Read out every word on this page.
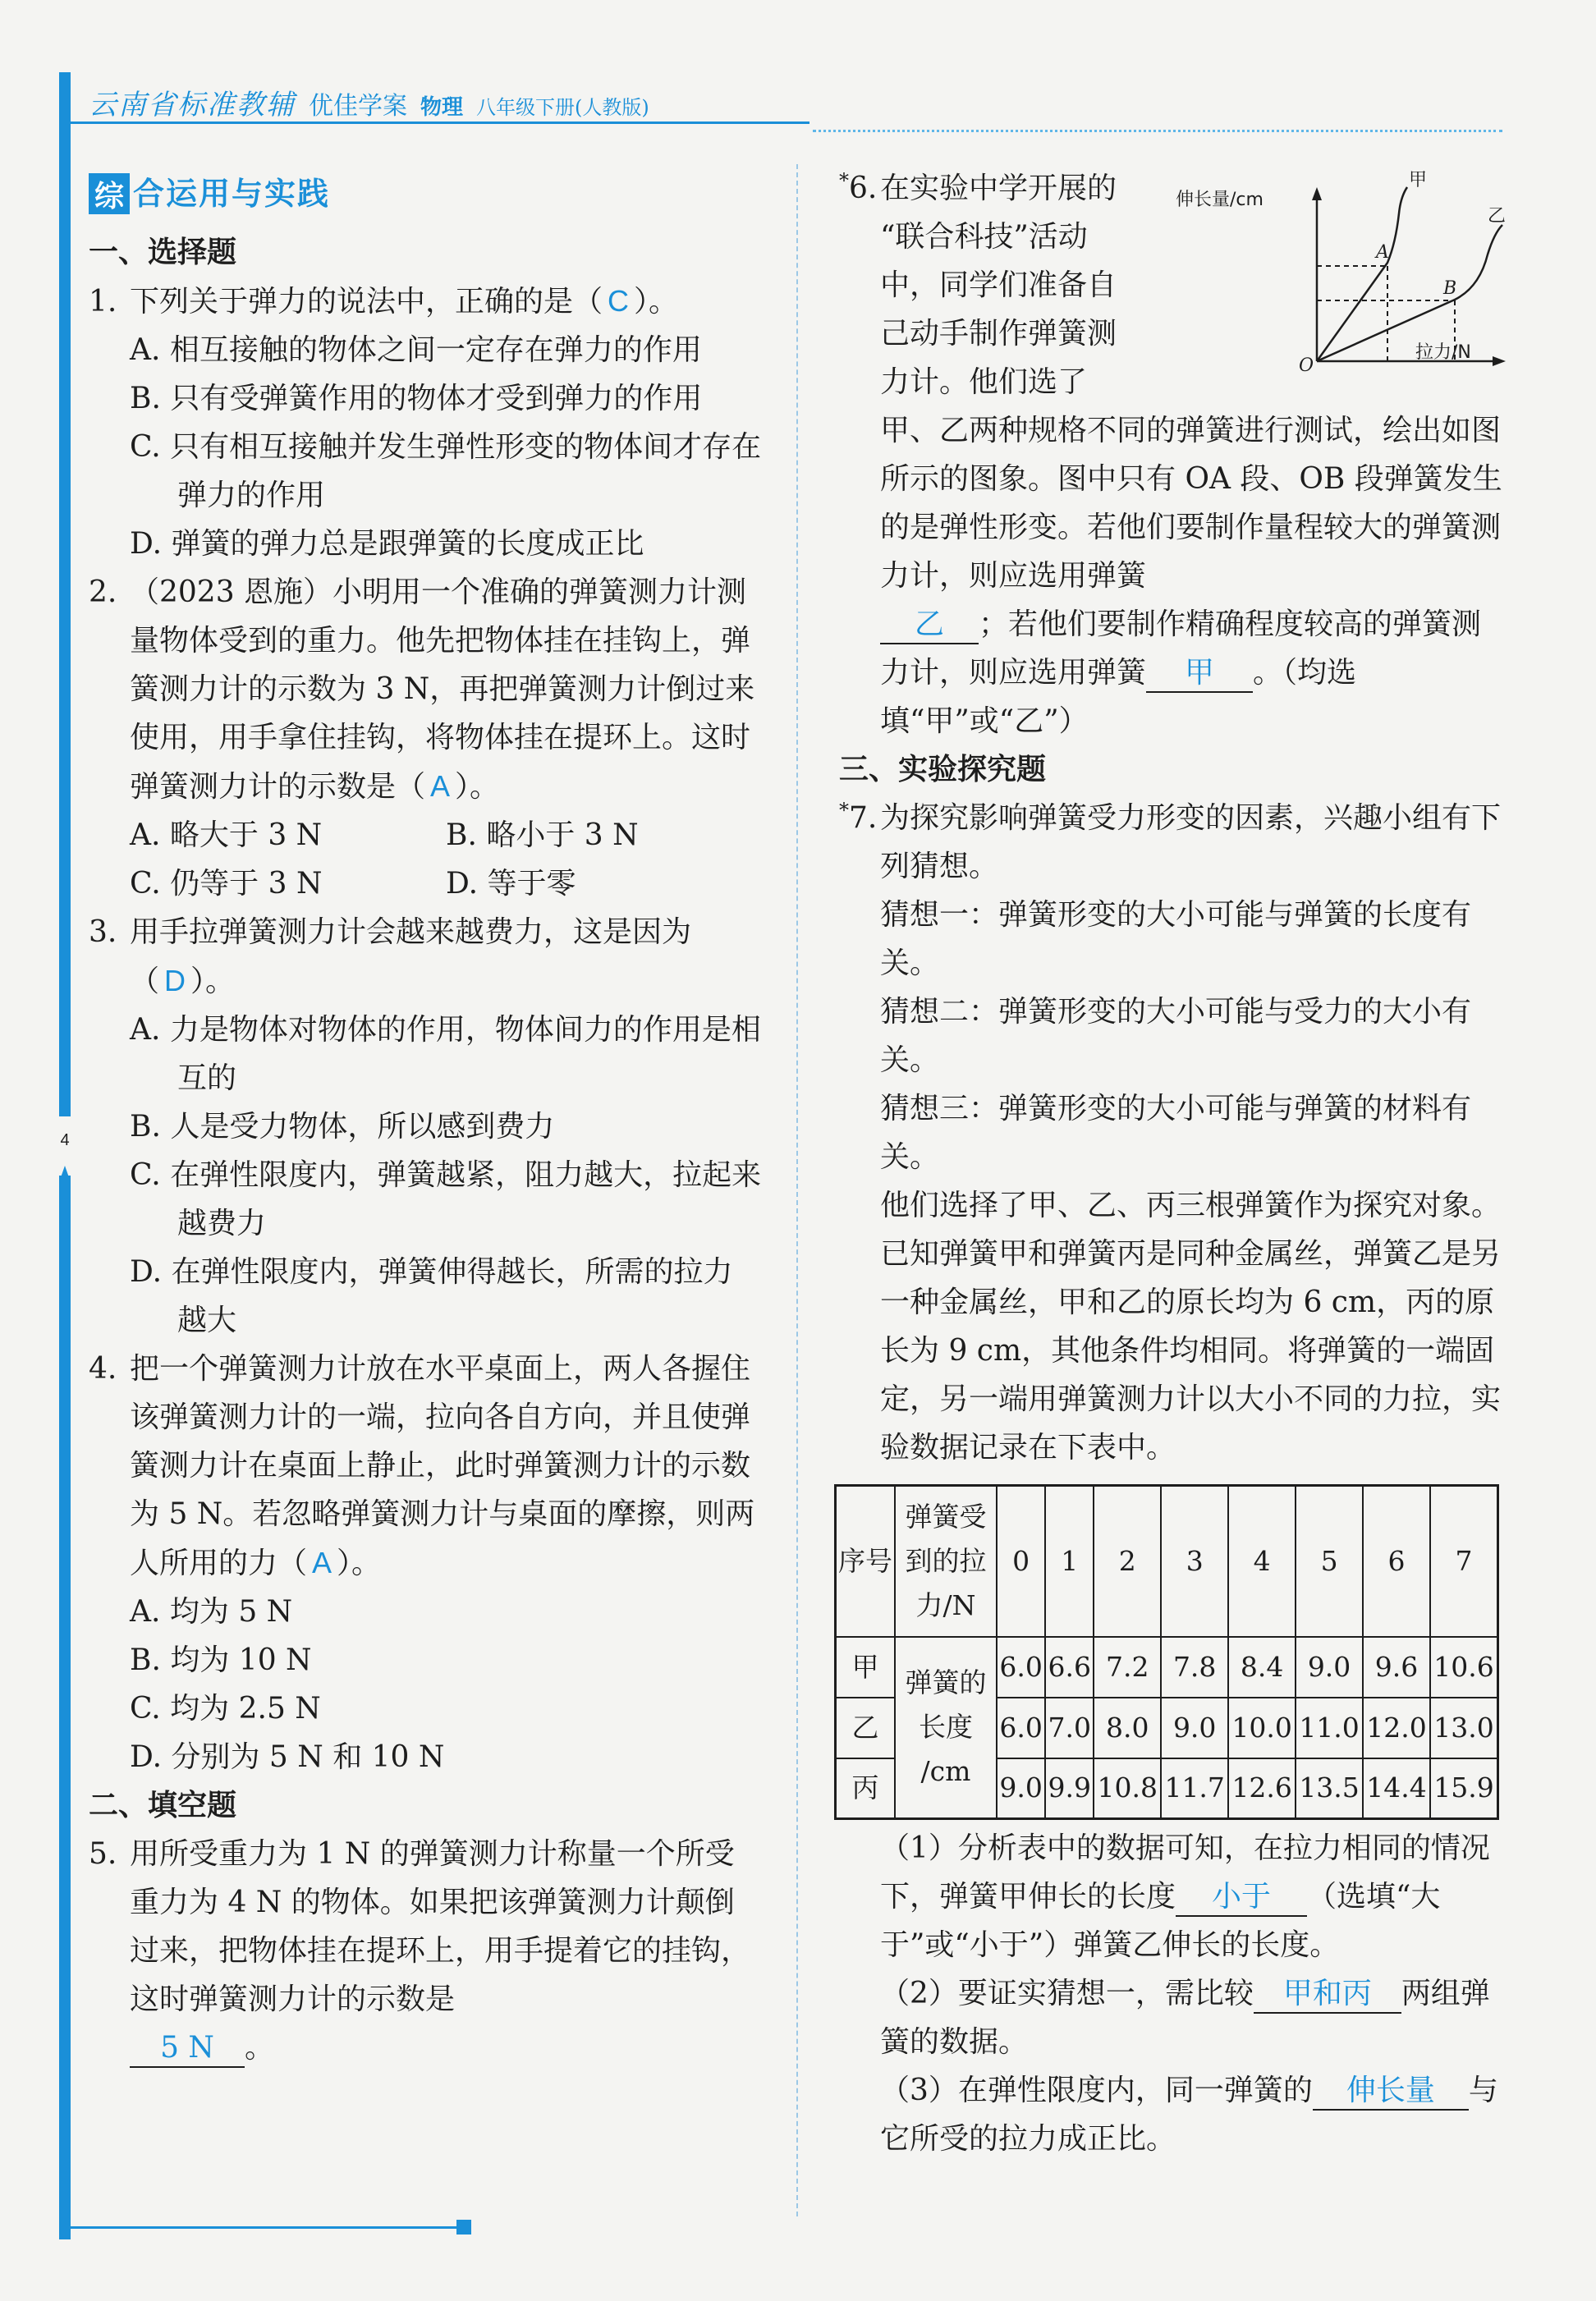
4
云南省标准教辅 优佳学案 物理 八年级下册(人教版)
综 合运用与实践
一、选择题
1. 下列关于弹力的说法中，正确的是（ C ）。
A. 相互接触的物体之间一定存在弹力的作用
B. 只有受弹簧作用的物体才受到弹力的作用
C. 只有相互接触并发生弹性形变的物体间才存在弹力的作用
D. 弹簧的弹力总是跟弹簧的长度成正比
2. （2023 恩施）小明用一个准确的弹簧测力计测量物体受到的重力。他先把物体挂在挂钩上，弹簧测力计的示数为 3 N，再把弹簧测力计倒过来使用，用手拿住挂钩，将物体挂在提环上。这时弹簧测力计的示数是（ A ）。
A. 略大于 3 N	B. 略小于 3 N
C. 仍等于 3 N	D. 等于零
3. 用手拉弹簧测力计会越来越费力，这是因为（ D ）。
A. 力是物体对物体的作用，物体间力的作用是相互的
B. 人是受力物体，所以感到费力
C. 在弹性限度内，弹簧越紧，阻力越大，拉起来越费力
D. 在弹性限度内，弹簧伸得越长，所需的拉力越大
4. 把一个弹簧测力计放在水平桌面上，两人各握住该弹簧测力计的一端，拉向各自方向，并且使弹簧测力计在桌面上静止，此时弹簧测力计的示数为 5 N。若忽略弹簧测力计与桌面的摩擦，则两人所用的力（ A ）。
A. 均为 5 N
B. 均为 10 N
C. 均为 2.5 N
D. 分别为 5 N 和 10 N
二、填空题
5. 用所受重力为 1 N 的弹簧测力计称量一个所受重力为 4 N 的物体。如果把该弹簧测力计颠倒过来，把物体挂在提环上，用手提着它的挂钩，这时弹簧测力计的示数是
5 N 。
*6. 在实验中学开展的
“联合科技”活动
中，同学们准备自
己动手制作弹簧测
力计。他们选了
甲、乙两种规格不同的弹簧进行测试，绘出如图所示的图象。图中只有 OA 段、OB 段弹簧发生的是弹性形变。若他们要制作量程较大的弹簧测力计，则应选用弹簧
乙 ；若他们要制作精确程度较高的弹簧测力计，则应选用弹簧 甲 。（均选填“甲”或“乙”）
伸长量/cm
拉力/N
O
甲
乙
A
B
三、实验探究题
*7. 为探究影响弹簧受力形变的因素，兴趣小组有下列猜想。
猜想一：弹簧形变的大小可能与弹簧的长度有关。
猜想二：弹簧形变的大小可能与受力的大小有关。
猜想三：弹簧形变的大小可能与弹簧的材料有关。
他们选择了甲、乙、丙三根弹簧作为探究对象。已知弹簧甲和弹簧丙是同种金属丝，弹簧乙是另一种金属丝，甲和乙的原长均为 6 cm，丙的原长为 9 cm，其他条件均相同。将弹簧的一端固定，另一端用弹簧测力计以大小不同的力拉，实验数据记录在下表中。
序号	弹簧受
到的拉
力/N	0	1	2	3	4	5	6	7
甲	弹簧的
长度
/cm	6.0	6.6	7.2	7.8	8.4	9.0	9.6	10.6
乙		6.0	7.0	8.0	9.0	10.0	11.0	12.0	13.0
丙		9.0	9.9	10.8	11.7	12.6	13.5	14.4	15.9
（1）分析表中的数据可知，在拉力相同的情况下，弹簧甲伸长的长度 小于 （选填“大于”或“小于”）弹簧乙伸长的长度。
（2）要证实猜想一，需比较 甲和丙 两组弹簧的数据。
（3）在弹性限度内，同一弹簧的 伸长量 与它所受的拉力成正比。
